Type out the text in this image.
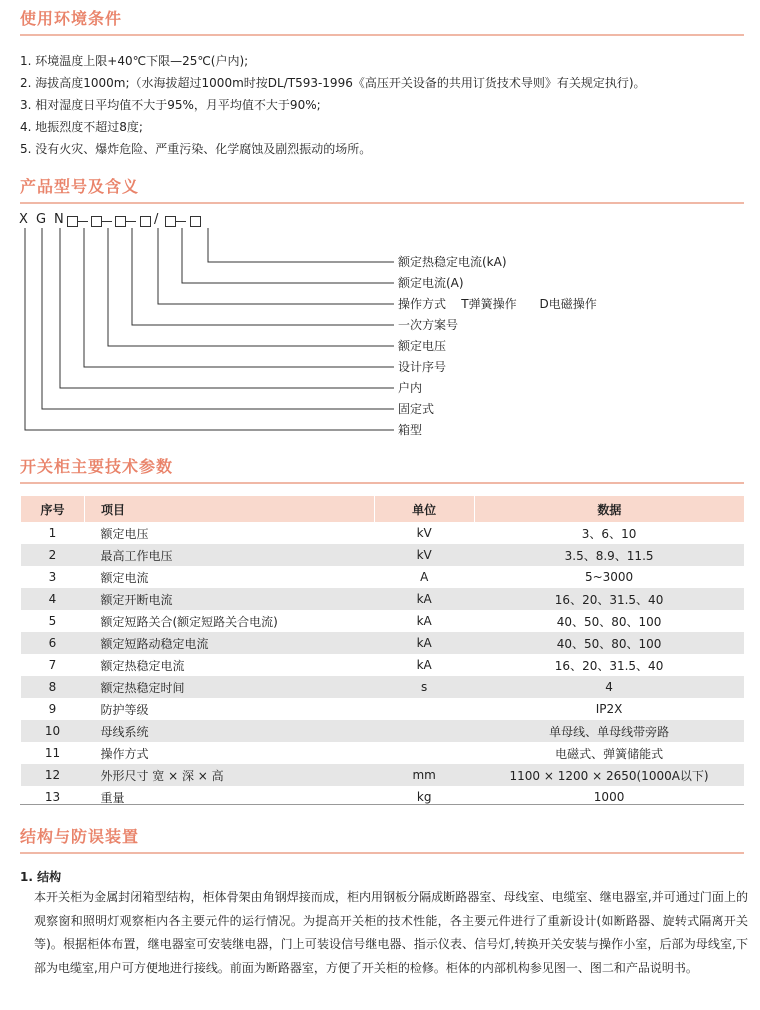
使用环境条件
1. 环境温度上限+40℃下限—25℃(户内);
2. 海拔高度1000m;（水海拔超过1000m时按DL/T593-1996《高压开关设备的共用订货技术导则》有关规定执行)。
3. 相对湿度日平均值不大于95%，月平均值不大于90%;
4. 地振烈度不超过8度;
5. 没有火灾、爆炸危险、严重污染、化学腐蚀及剧烈振动的场所。
产品型号及含义
X G N	/
额定热稳定电流(kA)
额定电流(A)
操作方式    T弹簧操作      D电磁操作
一次方案号
额定电压
设计序号
户内
固定式
箱型
开关柜主要技术参数
序号	项目	单位	数据
1	额定电压	kV	3、6、10
2	最高工作电压	kV	3.5、8.9、11.5
3	额定电流	A	5~3000
4	额定开断电流	kA	16、20、31.5、40
5	额定短路关合(额定短路关合电流)	kA	40、50、80、100
6	额定短路动稳定电流	kA	40、50、80、100
7	额定热稳定电流	kA	16、20、31.5、40
8	额定热稳定时间	s	4
9	防护等级		IP2X
10	母线系统		单母线、单母线带旁路
11	操作方式		电磁式、弹簧储能式
12	外形尺寸 宽 × 深 × 高	mm	1100 × 1200 × 2650(1000A以下)
13	重量	kg	1000
结构与防误装置
1. 结构
本开关柜为金属封闭箱型结构，柜体骨架由角钢焊接而成，柜内用钢板分隔成断路器室、母线室、电缆室、继电器室,并可通过门面上的观察窗和照明灯观察柜内各主要元件的运行情况。为提高开关柜的技术性能，各主要元件进行了重新设计(如断路器、旋转式隔离开关等)。根据柜体布置，继电器室可安装继电器，门上可装设信号继电器、指示仪表、信号灯,转换开关安装与操作小室，后部为母线室,下部为电缆室,用户可方便地进行接线。前面为断路器室，方便了开关柜的检修。柜体的内部机构参见图一、图二和产品说明书。
